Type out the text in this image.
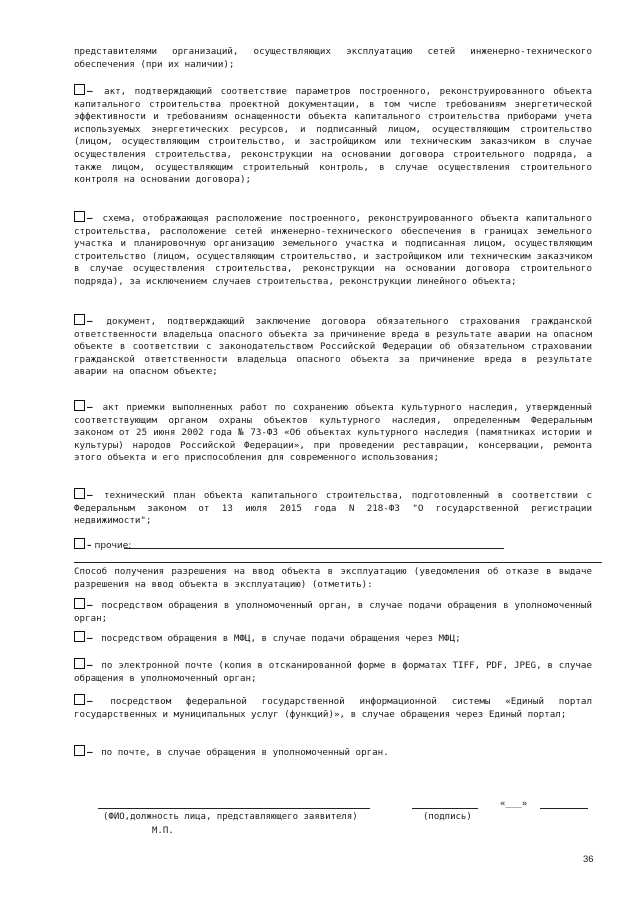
представителями организаций, осуществляющих эксплуатацию сетей инженерно-технического обеспечения (при их наличии);
– акт, подтверждающий соответствие параметров построенного, реконструированного объекта капитального строительства проектной документации, в том числе требованиям энергетической эффективности и требованиям оснащенности объекта капитального строительства приборами учета используемых энергетических ресурсов, и подписанный лицом, осуществляющим строительство (лицом, осуществляющим строительство, и застройщиком или техническим заказчиком в случае осуществления строительства, реконструкции на основании договора строительного подряда, а также лицом, осуществляющим строительный контроль, в случае осуществления строительного контроля на основании договора);
– схема, отображающая расположение построенного, реконструированного объекта капитального строительства, расположение сетей инженерно-технического обеспечения в границах земельного участка и планировочную организацию земельного участка и подписанная лицом, осуществляющим строительство (лицом, осуществляющим строительство, и застройщиком или техническим заказчиком в случае осуществления строительства, реконструкции на основании договора строительного подряда), за исключением случаев строительства, реконструкции линейного объекта;
– документ, подтверждающий заключение договора обязательного страхования гражданской ответственности владельца опасного объекта за причинение вреда в результате аварии на опасном объекте в соответствии с законодательством Российской Федерации об обязательном страховании гражданской ответственности владельца опасного объекта за причинение вреда в результате аварии на опасном объекте;
– акт приемки выполненных работ по сохранению объекта культурного наследия, утвержденный соответствующим органом охраны объектов культурного наследия, определенным Федеральным законом от 25 июня 2002 года № 73-ФЗ «Об объектах культурного наследия (памятниках истории и культуры) народов Российской Федерации», при проведении реставрации, консервации, ремонта этого объекта и его приспособления для современного использования;
– технический план объекта капитального строительства, подготовленный в соответствии с Федеральным законом от 13 июля 2015 года N 218-ФЗ "О государственной регистрации недвижимости";
– прочие:
Способ получения разрешения на ввод объекта в эксплуатацию (уведомления об отказе в выдаче разрешения на ввод объекта в эксплуатацию) (отметить):
– посредством обращения в уполномоченный орган, в случае подачи обращения в уполномоченный орган;
– посредством обращения в МФЦ, в случае подачи обращения через МФЦ;
– по электронной почте (копия в отсканированной форме в форматах TIFF, PDF, JPEG, в случае обращения в уполномоченный орган;
– посредством федеральной государственной информационной системы «Единый портал государственных и муниципальных услуг (функций)», в случае обращения через Единый портал;
– по почте, в случае обращения в уполномоченный орган.
«___»
(ФИО,должность лица, представляющего заявителя)	(подпись)
М.П.
36
